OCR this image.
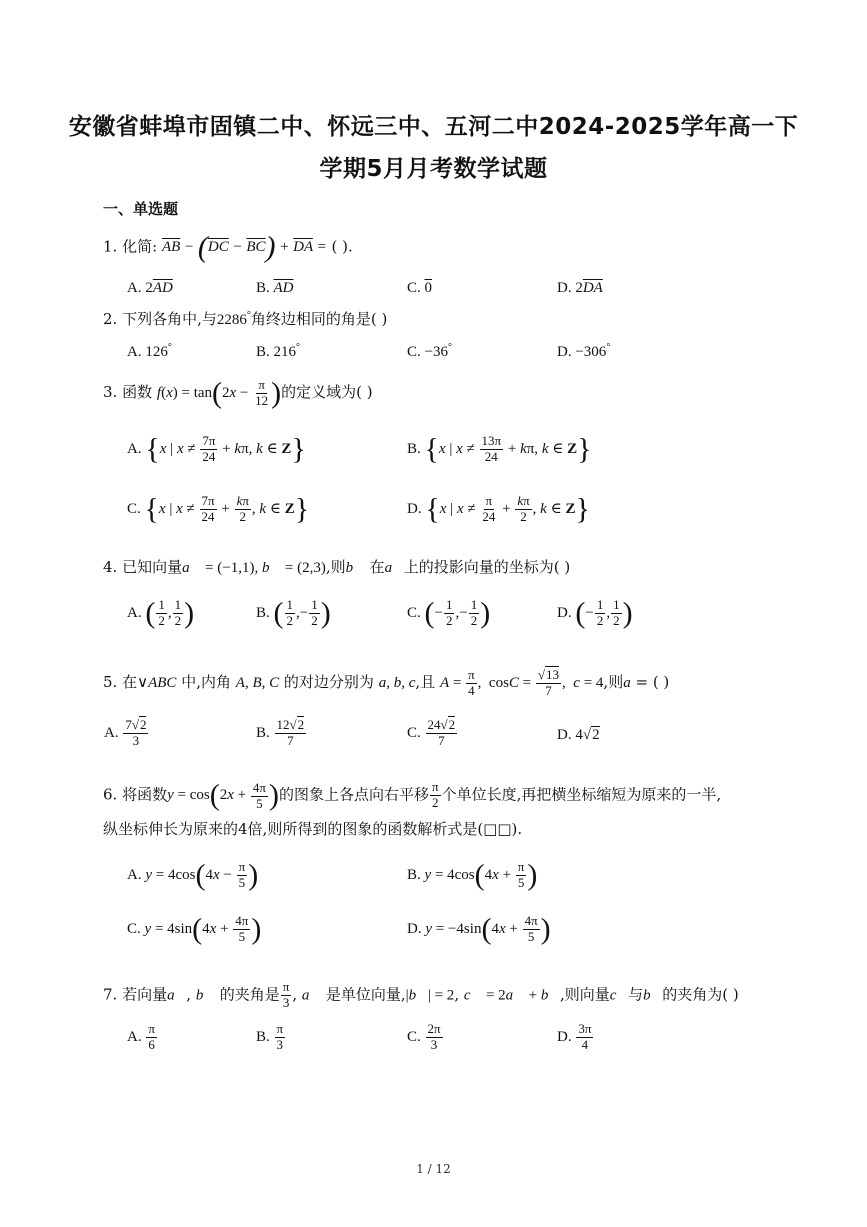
安徽省蚌埠市固镇二中、怀远三中、五河二中2024-2025学年高一下
学期5月月考数学试题
一、单选题
1. 化简: $\overline{AB} - (\overline{DC} - \overline{BC}) + \overline{DA}$ = ( ).
A. $2\overline{AD}$	B. $\overline{AD}$	C. 0	D. $2\overline{DA}$
2. 下列各角中,与2286°角终边相同的角是( )
A. 126°	B. 216°	C. −36°	D. −306°
3. 函数 $f(x) = \tan(2x - \frac{\pi}{12}$ )的定义域为( )
A. {x | $x \ne \frac{7\pi}{24} + k\pi$, k ∈ Z}	B. {x | $x \ne \frac{13\pi}{24} + k\pi$, k ∈ Z}
C. {x | $x \ne \frac{7\pi}{24} + \frac{k\pi}{2}$ , k ∈ Z}	D. {x | $x \ne \frac{\pi}{24} + \frac{k\pi}{2}$ , k ∈ Z}
4. 已知向量a⃗ = (−1,1), b⃗ = (2,3),则b⃗ 在a⃗上的投影向量的坐标为( )
A. ( $\frac{1}{2}$ , $\frac{1}{2}$ )	B. ( $\frac{1}{2}$ ,− $\frac{1}{2}$ )	C. (− $\frac{1}{2}$ ,− $\frac{1}{2}$ )	D. (− $\frac{1}{2}$ , $\frac{1}{2}$ )
5. 在∨ABC 中,内角 A, B, C 的对边分别为 a, b, c,且 $A = \frac{\pi}{4}$ ,  $\cos C = \frac{√13}{7}$ ,  c = 4,则a = ( )
A. $\frac{7√2}{3}$	B. $\frac{12√2}{7}$	C. $\frac{24√2}{7}$	D. 4√2
6. 将函数$y = \cos(2x + \frac{4\pi}{5}$ )的图象上各点向右平移 $\frac{\pi}{2}$ 个单位长度,再把横坐标缩短为原来的一半,
纵坐标伸长为原来的4倍,则所得到的图象的函数解析式是(□□).
A. $y = 4\cos(4x - \frac{\pi}{5}$ )	B. $y = 4\cos(4x + \frac{\pi}{5}$ )
C. $y = 4\sin(4x + \frac{4\pi}{5}$ )	D. $y = -4\sin(4x + \frac{4\pi}{5}$ )
7. 若向量a⃗, b⃗ 的夹角是 $\frac{\pi}{3}$ , a⃗ 是单位向量,|b⃗| = 2, c⃗ = 2a⃗ + b⃗,则向量c⃗与b⃗的夹角为( )
A. $\frac{\pi}{6}$	B. $\frac{\pi}{3}$	C. $\frac{2\pi}{3}$	D. $\frac{3\pi}{4}$
1 / 12
